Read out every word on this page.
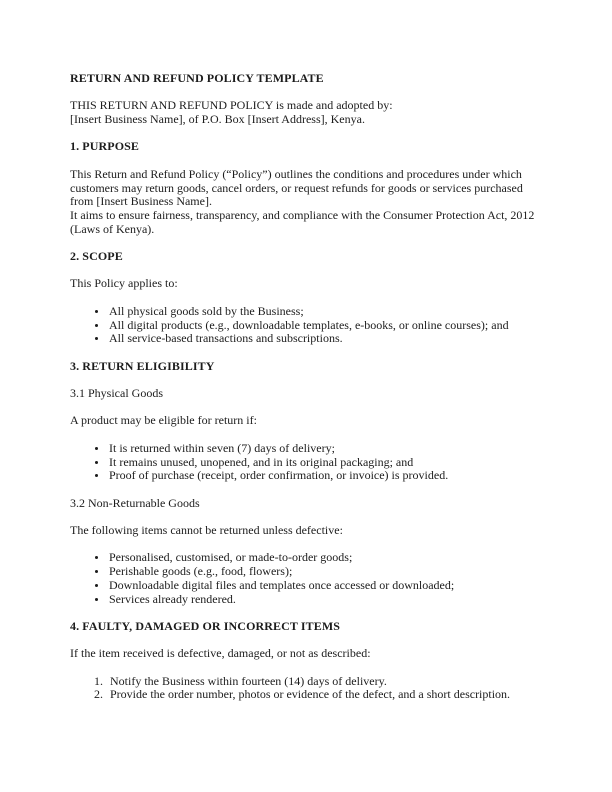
RETURN AND REFUND POLICY TEMPLATE
THIS RETURN AND REFUND POLICY is made and adopted by:
[Insert Business Name], of P.O. Box [Insert Address], Kenya.
1. PURPOSE
This Return and Refund Policy (“Policy”) outlines the conditions and procedures under which customers may return goods, cancel orders, or request refunds for goods or services purchased from [Insert Business Name].
It aims to ensure fairness, transparency, and compliance with the Consumer Protection Act, 2012 (Laws of Kenya).
2. SCOPE
This Policy applies to:
• All physical goods sold by the Business;
• All digital products (e.g., downloadable templates, e-books, or online courses); and
• All service-based transactions and subscriptions.
3. RETURN ELIGIBILITY
3.1 Physical Goods
A product may be eligible for return if:
• It is returned within seven (7) days of delivery;
• It remains unused, unopened, and in its original packaging; and
• Proof of purchase (receipt, order confirmation, or invoice) is provided.
3.2 Non-Returnable Goods
The following items cannot be returned unless defective:
• Personalised, customised, or made-to-order goods;
• Perishable goods (e.g., food, flowers);
• Downloadable digital files and templates once accessed or downloaded;
• Services already rendered.
4. FAULTY, DAMAGED OR INCORRECT ITEMS
If the item received is defective, damaged, or not as described:
1. Notify the Business within fourteen (14) days of delivery.
2. Provide the order number, photos or evidence of the defect, and a short description.
